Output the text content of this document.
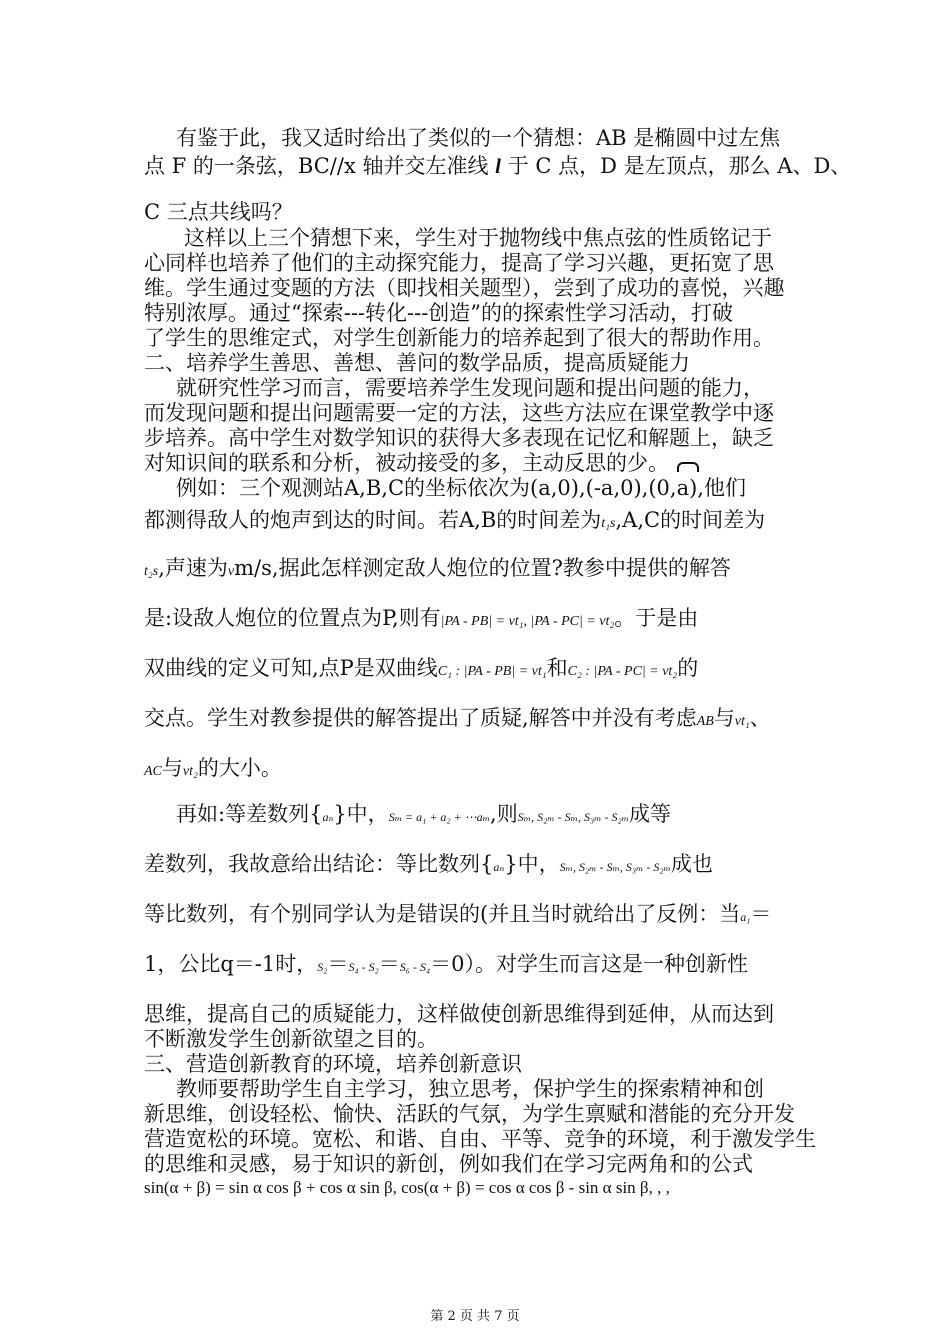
有鉴于此，我又适时给出了类似的一个猜想：AB 是椭圆中过左焦
点 F 的一条弦，BC//x 轴并交左准线 l 于 C 点，D 是左顶点，那么 A、D、
C 三点共线吗？
这样以上三个猜想下来，学生对于抛物线中焦点弦的性质铭记于
心同样也培养了他们的主动探究能力，提高了学习兴趣，更拓宽了思
维。学生通过变题的方法（即找相关题型），尝到了成功的喜悦，兴趣
特别浓厚。通过“探索---转化---创造”的的探索性学习活动，打破
了学生的思维定式，对学生创新能力的培养起到了很大的帮助作用。
二、培养学生善思、善想、善问的数学品质，提高质疑能力
就研究性学习而言，需要培养学生发现问题和提出问题的能力，
而发现问题和提出问题需要一定的方法，这些方法应在课堂教学中逐
步培养。高中学生对数学知识的获得大多表现在记忆和解题上，缺乏
对知识间的联系和分析，被动接受的多，主动反思的少。
例如：三个观测站A,B,C的坐标依次为(a,0),(-a,0),(0,a),他们
都测得敌人的炮声到达的时间。若A,B的时间差为t₁s,A,C的时间差为
t₂s,声速为vm/s,据此怎样测定敌人炮位的位置?教参中提供的解答
是:设敌人炮位的位置点为P,则有|PA - PB| = vt₁, |PA - PC| = vt₂。于是由
双曲线的定义可知,点P是双曲线C₁ : |PA - PB| = vt₁和C₂ : |PA - PC| = vt₂的
交点。学生对教参提供的解答提出了质疑,解答中并没有考虑AB与vt₁、
AC与vt₂的大小。
再如:等差数列{aₙ}中，Sₘ = a₁ + a₂ + ⋯aₘ,则Sₘ, S₂ₘ - Sₘ, S₃ₘ - S₂ₘ成等
差数列，我故意给出结论：等比数列{aₙ}中，Sₘ, S₂ₘ - Sₘ, S₃ₘ - S₂ₘ成也
等比数列，有个别同学认为是错误的(并且当时就给出了反例：当a₁＝
1，公比q＝-1时，S₂＝S₄ - S₂＝S₆ - S₄＝0）。对学生而言这是一种创新性
思维，提高自己的质疑能力，这样做使创新思维得到延伸，从而达到
不断激发学生创新欲望之目的。
三、营造创新教育的环境，培养创新意识
教师要帮助学生自主学习，独立思考，保护学生的探索精神和创
新思维，创设轻松、愉快、活跃的气氛，为学生禀赋和潜能的充分开发
营造宽松的环境。宽松、和谐、自由、平等、竞争的环境，利于激发学生
的思维和灵感，易于知识的新创，例如我们在学习完两角和的公式
sin(α + β) = sin α cos β + cos α sin β, cos(α + β) = cos α cos β - sin α sin β, , ,
第 2 页 共 7 页
